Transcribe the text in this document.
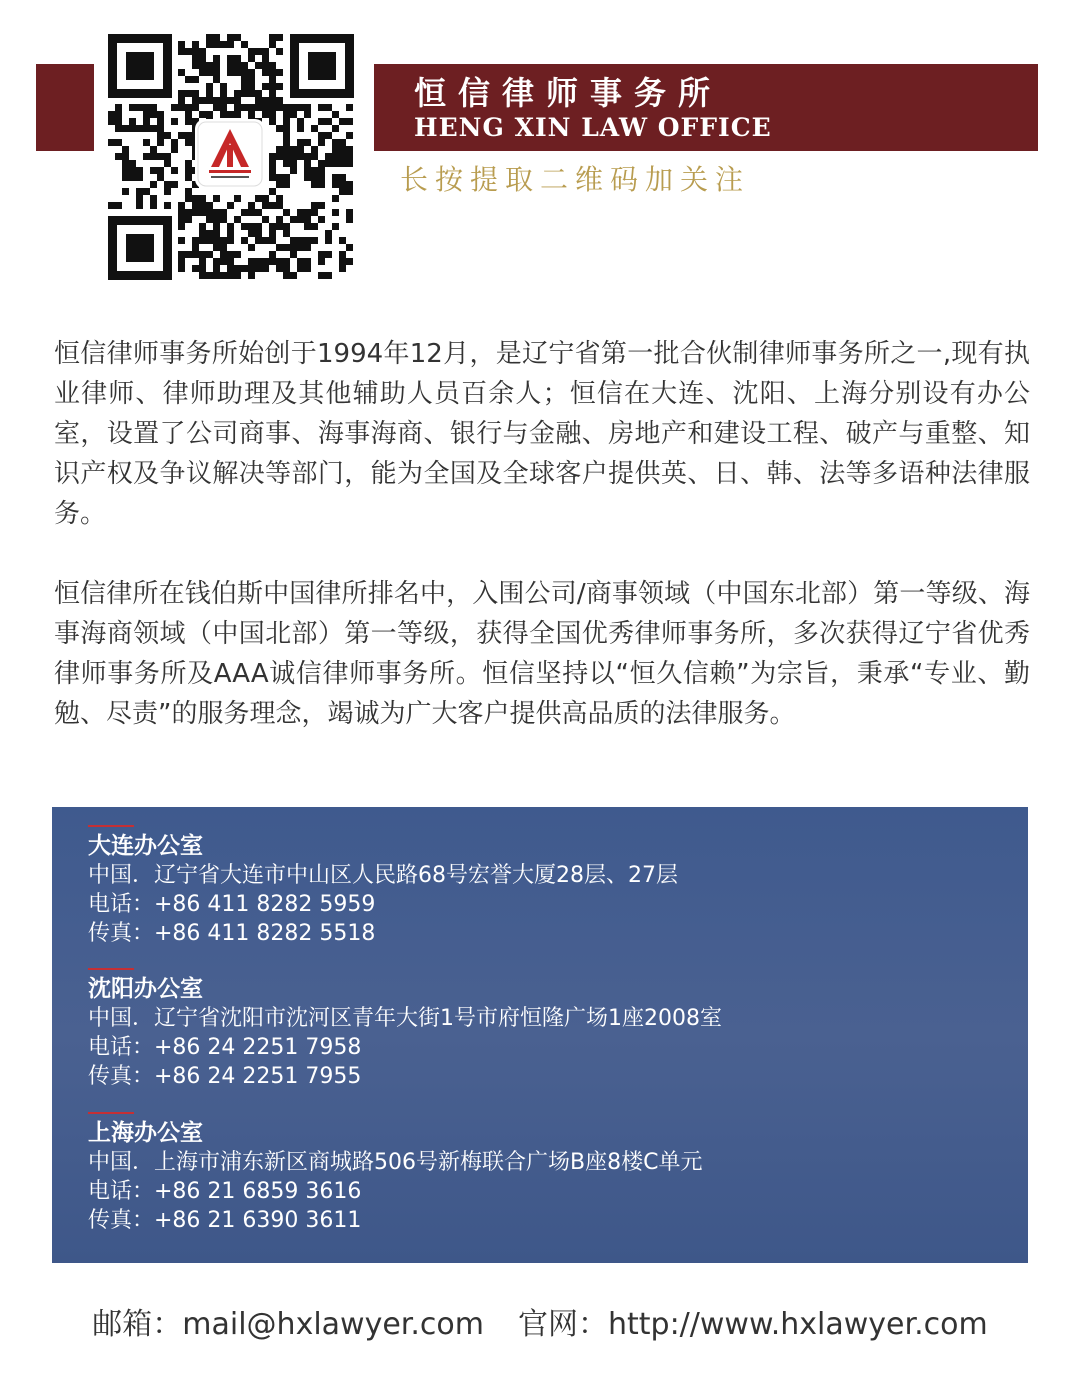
恒信律师事务所
HENG XIN LAW OFFICE
长按提取二维码加关注

恒信律师事务所始创于1994年12月，是辽宁省第一批合伙制律师事务所之一,现有执业律师、律师助理及其他辅助人员百余人；恒信在大连、沈阳、上海分别设有办公室，设置了公司商事、海事海商、银行与金融、房地产和建设工程、破产与重整、知识产权及争议解决等部门，能为全国及全球客户提供英、日、韩、法等多语种法律服务。

恒信律所在钱伯斯中国律所排名中，入围公司/商事领域（中国东北部）第一等级、海事海商领域（中国北部）第一等级，获得全国优秀律师事务所，多次获得辽宁省优秀律师事务所及AAA诚信律师事务所。恒信坚持以“恒久信赖”为宗旨，秉承“专业、勤勉、尽责”的服务理念，竭诚为广大客户提供高品质的法律服务。

大连办公室
中国．辽宁省大连市中山区人民路68号宏誉大厦28层、27层
电话：+86 411 8282 5959
传真：+86 411 8282 5518
沈阳办公室
中国．辽宁省沈阳市沈河区青年大街1号市府恒隆广场1座2008室
电话：+86 24 2251 7958
传真：+86 24 2251 7955
上海办公室
中国．上海市浦东新区商城路506号新梅联合广场B座8楼C单元
电话：+86 21 6859 3616
传真：+86 21 6390 3611
邮箱：mail@hxlawyer.com 官网：http://www.hxlawyer.com
